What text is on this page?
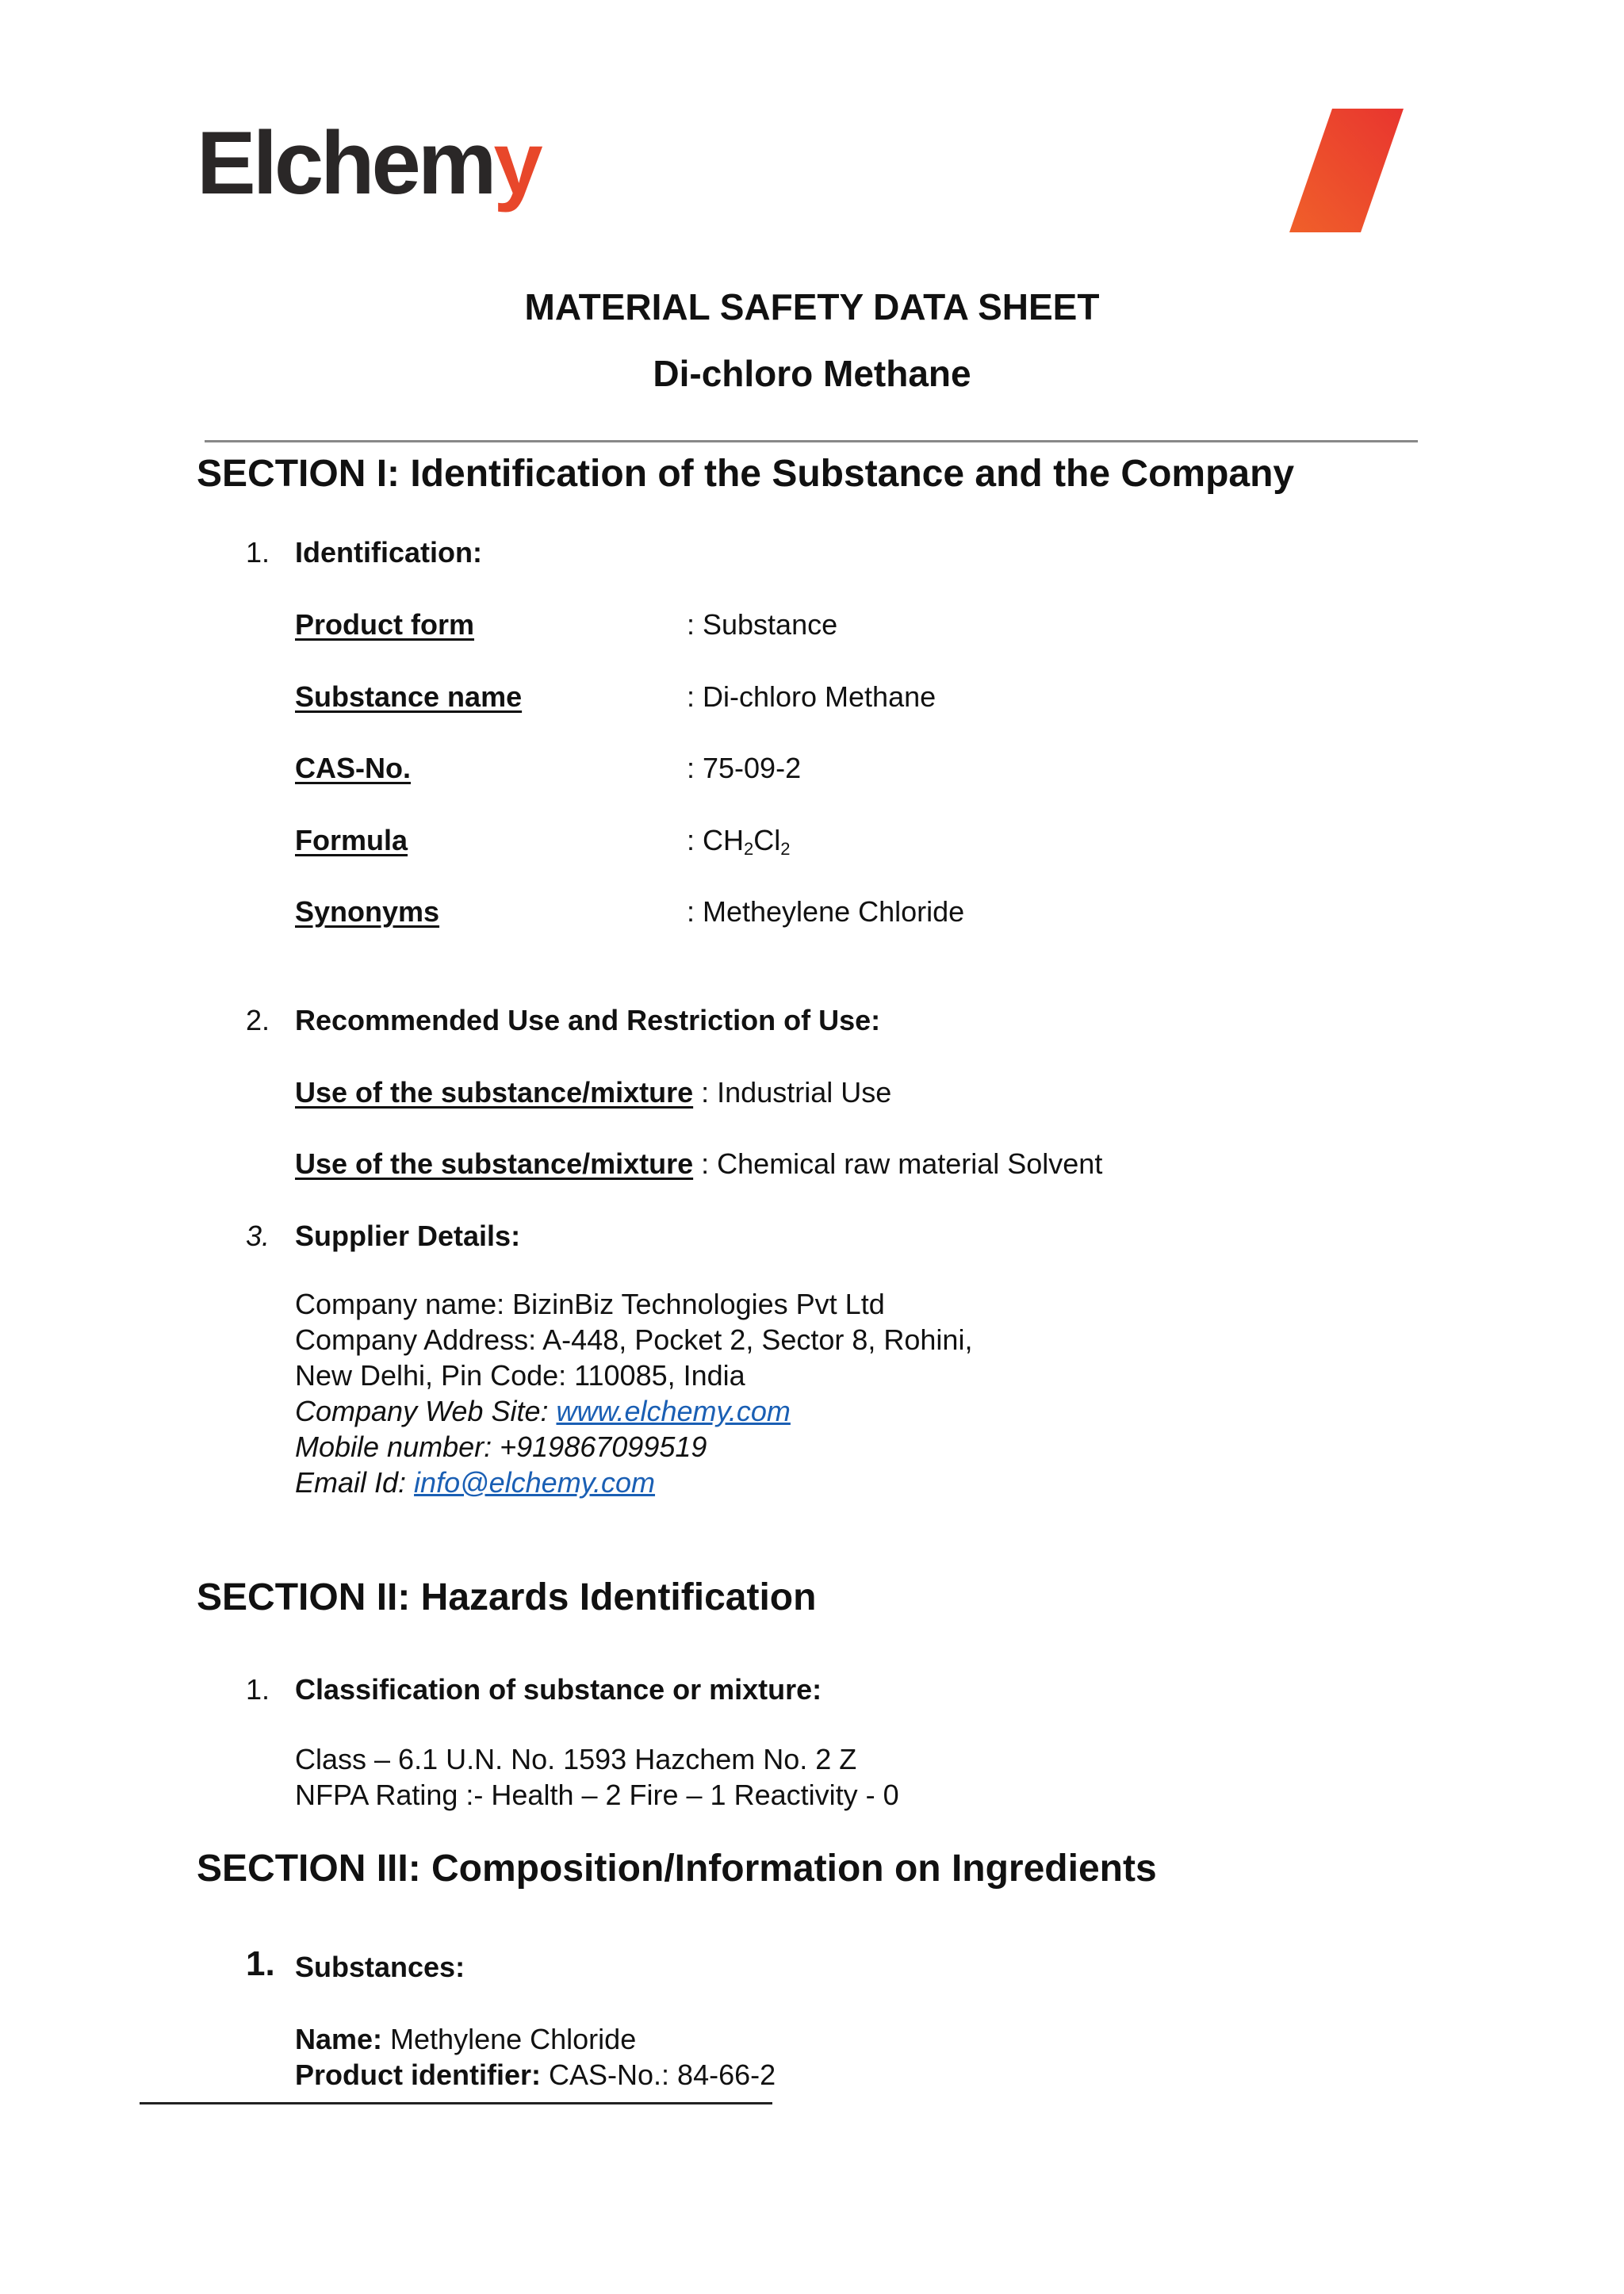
Elchemy
MATERIAL SAFETY DATA SHEET
Di-chloro Methane
SECTION I: Identification of the Substance and the Company
1. Identification:
Product form	: Substance
Substance name	: Di-chloro Methane
CAS-No.	: 75-09-2
Formula	: $CH_2Cl_2$
Synonyms	: Metheylene Chloride
2. Recommended Use and Restriction of Use:
Use of the substance/mixture : Industrial Use
Use of the substance/mixture : Chemical raw material Solvent
3. Supplier Details:
Company name: BizinBiz Technologies Pvt Ltd
Company Address: A-448, Pocket 2, Sector 8, Rohini,
New Delhi, Pin Code: 110085, India
Company Web Site: www.elchemy.com
Mobile number: +919867099519
Email Id: info@elchemy.com
SECTION II: Hazards Identification
1. Classification of substance or mixture:
Class – 6.1 U.N. No. 1593 Hazchem No. 2 Z
NFPA Rating :- Health – 2 Fire – 1 Reactivity - 0
SECTION III: Composition/Information on Ingredients
1. Substances:
Name: Methylene Chloride
Product identifier: CAS-No.: 84-66-2
